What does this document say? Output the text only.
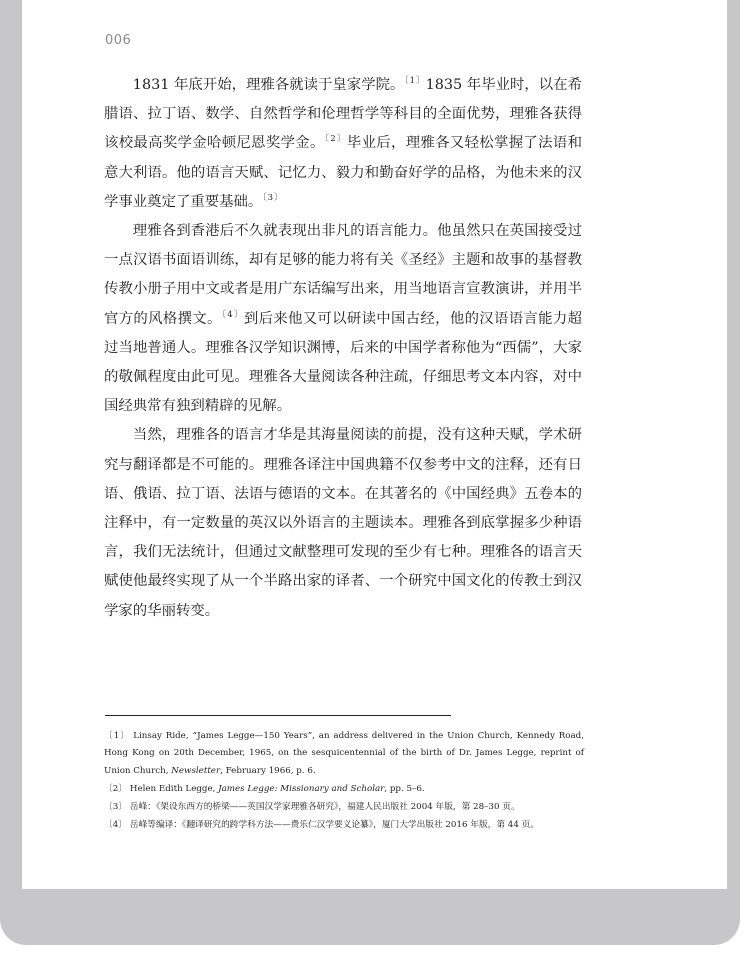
006

1831 年底开始，理雅各就读于皇家学院。$^{〔1〕}$1835 年毕业时，以在希腊语、拉丁语、数学、自然哲学和伦理哲学等科目的全面优势，理雅各获得该校最高奖学金哈顿尼恩奖学金。$^{〔2〕}$毕业后，理雅各又轻松掌握了法语和意大利语。他的语言天赋、记忆力、毅力和勤奋好学的品格，为他未来的汉学事业奠定了重要基础。$^{〔3〕}$

理雅各到香港后不久就表现出非凡的语言能力。他虽然只在英国接受过一点汉语书面语训练，却有足够的能力将有关《圣经》主题和故事的基督教传教小册子用中文或者是用广东话编写出来，用当地语言宣教演讲，并用半官方的风格撰文。$^{〔4〕}$到后来他又可以研读中国古经，他的汉语语言能力超过当地普通人。理雅各汉学知识渊博，后来的中国学者称他为“西儒”，大家的敬佩程度由此可见。理雅各大量阅读各种注疏，仔细思考文本内容，对中国经典常有独到精辟的见解。

当然，理雅各的语言才华是其海量阅读的前提，没有这种天赋，学术研究与翻译都是不可能的。理雅各译注中国典籍不仅参考中文的注释，还有日语、俄语、拉丁语、法语与德语的文本。在其著名的《中国经典》五卷本的注释中，有一定数量的英汉以外语言的主题读本。理雅各到底掌握多少种语言，我们无法统计，但通过文献整理可发现的至少有七种。理雅各的语言天赋使他最终实现了从一个半路出家的译者、一个研究中国文化的传教士到汉学家的华丽转变。

〔1〕 Linsay Ride, “James Legge—150 Years”, an address delivered in the Union Church, Kennedy Road, Hong Kong on 20th December, 1965, on the sesquicentennial of the birth of Dr. James Legge, reprint of Union Church, Newsletter, February 1966, p. 6.

〔2〕 Helen Edith Legge, James Legge: Missionary and Scholar, pp. 5–6.

〔3〕 岳峰：《架设东西方的桥梁——英国汉学家理雅各研究》，福建人民出版社 2004 年版，第 28–30 页。

〔4〕 岳峰等编译：《翻译研究的跨学科方法——费乐仁汉学要义论纂》，厦门大学出版社 2016 年版，第 44 页。
